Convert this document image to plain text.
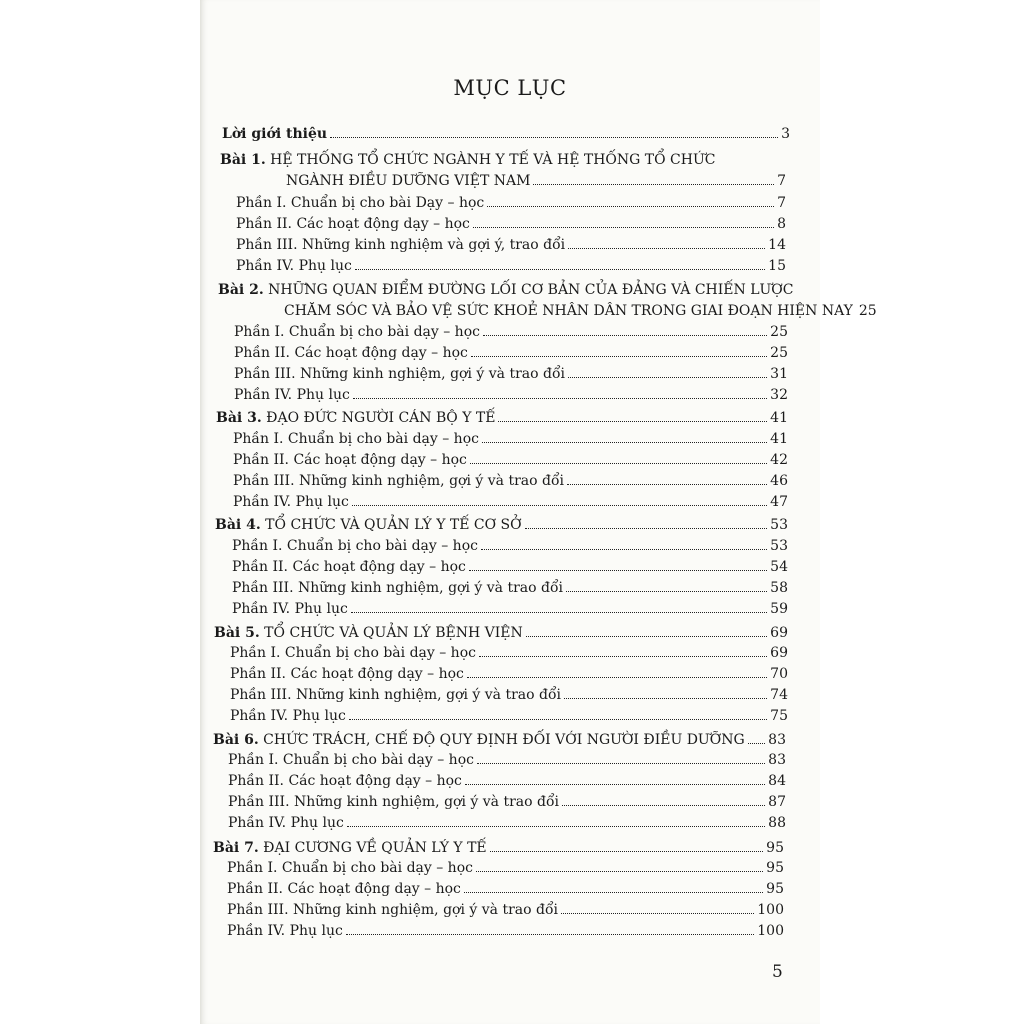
MỤC LỤC
Lời giới thiệu	3
Bài 1. HỆ THỐNG TỔ CHỨC NGÀNH Y TẾ VÀ HỆ THỐNG TỔ CHỨC
NGÀNH ĐIỀU DƯỠNG VIỆT NAM	7
Phần I. Chuẩn bị cho bài Dạy – học	7
Phần II. Các hoạt động dạy – học	8
Phần III. Những kinh nghiệm và gợi ý, trao đổi	14
Phần IV. Phụ lục	15
Bài 2. NHỮNG QUAN ĐIỂM ĐƯỜNG LỐI CƠ BẢN CỦA ĐẢNG VÀ CHIẾN LƯỢC
CHĂM SÓC VÀ BẢO VỆ SỨC KHOẺ NHÂN DÂN TRONG GIAI ĐOẠN HIỆN NAY 25
Phần I. Chuẩn bị cho bài dạy – học	25
Phần II. Các hoạt động dạy – học	25
Phần III. Những kinh nghiệm, gợi ý và trao đổi	31
Phần IV. Phụ lục	32
Bài 3. ĐẠO ĐỨC NGƯỜI CÁN BỘ Y TẾ	41
Phần I. Chuẩn bị cho bài dạy – học	41
Phần II. Các hoạt động dạy – học	42
Phần III. Những kinh nghiệm, gợi ý và trao đổi	46
Phần IV. Phụ lục	47
Bài 4. TỔ CHỨC VÀ QUẢN LÝ Y TẾ CƠ SỞ	53
Phần I. Chuẩn bị cho bài dạy – học	53
Phần II. Các hoạt động dạy – học	54
Phần III. Những kinh nghiệm, gợi ý và trao đổi	58
Phần IV. Phụ lục	59
Bài 5. TỔ CHỨC VÀ QUẢN LÝ BỆNH VIỆN	69
Phần I. Chuẩn bị cho bài dạy – học	69
Phần II. Các hoạt động dạy – học	70
Phần III. Những kinh nghiệm, gợi ý và trao đổi	74
Phần IV. Phụ lục	75
Bài 6. CHỨC TRÁCH, CHẾ ĐỘ QUY ĐỊNH ĐỐI VỚI NGƯỜI ĐIỀU DƯỠNG 83
Phần I. Chuẩn bị cho bài dạy – học	83
Phần II. Các hoạt động dạy – học	84
Phần III. Những kinh nghiệm, gợi ý và trao đổi	87
Phần IV. Phụ lục	88
Bài 7. ĐẠI CƯƠNG VỀ QUẢN LÝ Y TẾ	95
Phần I. Chuẩn bị cho bài dạy – học	95
Phần II. Các hoạt động dạy – học	95
Phần III. Những kinh nghiệm, gợi ý và trao đổi	100
Phần IV. Phụ lục	100
5
